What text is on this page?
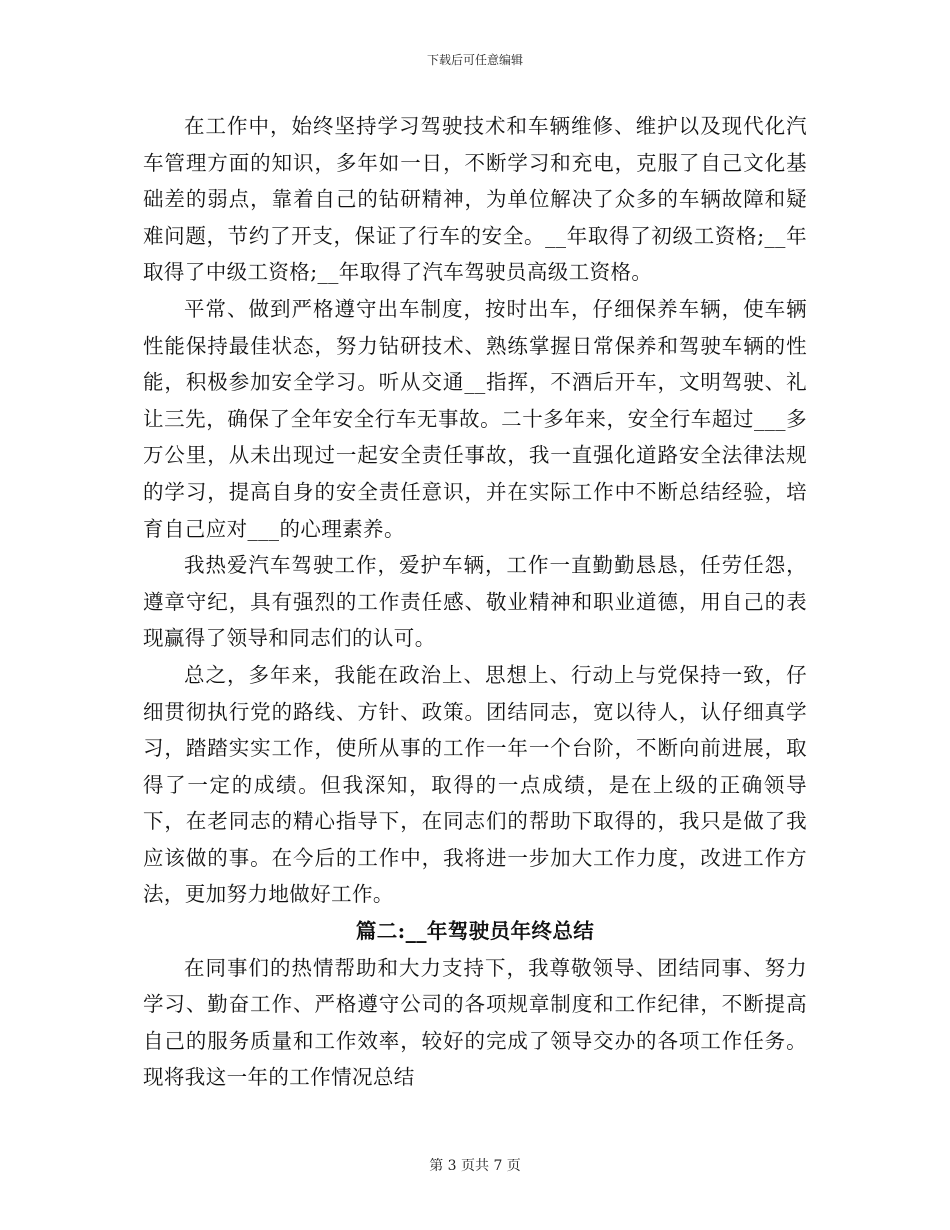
下载后可任意编辑

在工作中，始终坚持学习驾驶技术和车辆维修、维护以及现代化汽车管理方面的知识，多年如一日，不断学习和充电，克服了自己文化基础差的弱点，靠着自己的钻研精神，为单位解决了众多的车辆故障和疑难问题，节约了开支，保证了行车的安全。__年取得了初级工资格;__年取得了中级工资格;__年取得了汽车驾驶员高级工资格。

平常、做到严格遵守出车制度，按时出车，仔细保养车辆，使车辆性能保持最佳状态，努力钻研技术、熟练掌握日常保养和驾驶车辆的性能，积极参加安全学习。听从交通__指挥，不酒后开车，文明驾驶、礼让三先，确保了全年安全行车无事故。二十多年来，安全行车超过___多万公里，从未出现过一起安全责任事故，我一直强化道路安全法律法规的学习，提高自身的安全责任意识，并在实际工作中不断总结经验，培育自己应对___的心理素养。

我热爱汽车驾驶工作，爱护车辆，工作一直勤勤恳恳，任劳任怨，遵章守纪，具有强烈的工作责任感、敬业精神和职业道德，用自己的表现赢得了领导和同志们的认可。

总之，多年来，我能在政治上、思想上、行动上与党保持一致，仔细贯彻执行党的路线、方针、政策。团结同志，宽以待人，认仔细真学习，踏踏实实工作，使所从事的工作一年一个台阶，不断向前进展，取得了一定的成绩。但我深知，取得的一点成绩，是在上级的正确领导下，在老同志的精心指导下，在同志们的帮助下取得的，我只是做了我应该做的事。在今后的工作中，我将进一步加大工作力度，改进工作方法，更加努力地做好工作。

篇二:__年驾驶员年终总结

在同事们的热情帮助和大力支持下，我尊敬领导、团结同事、努力学习、勤奋工作、严格遵守公司的各项规章制度和工作纪律，不断提高自己的服务质量和工作效率，较好的完成了领导交办的各项工作任务。现将我这一年的工作情况总结

第 3 页共 7 页
